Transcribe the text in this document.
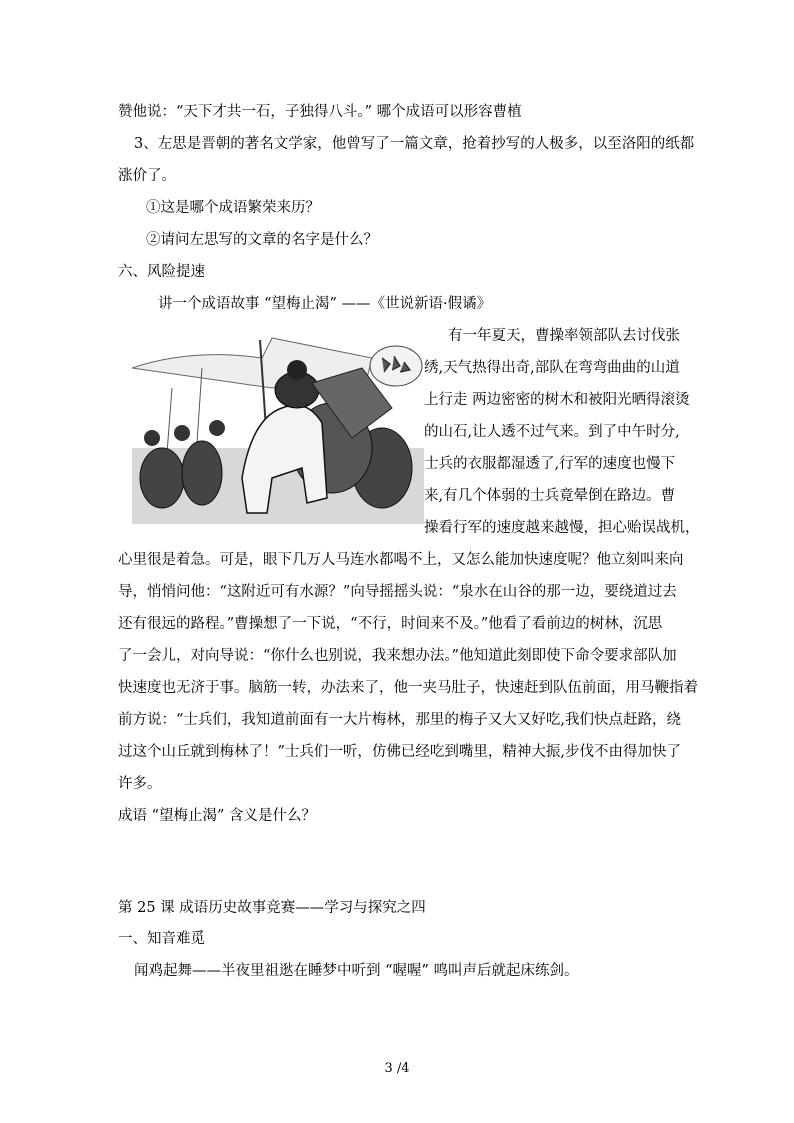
赞他说：“天下才共一石，子独得八斗。” 哪个成语可以形容曹植
3、左思是晋朝的著名文学家，他曾写了一篇文章，抢着抄写的人极多，以至洛阳的纸都
涨价了。
①这是哪个成语繁荣来历？
②请问左思写的文章的名字是什么？
六、风险提速
讲一个成语故事 “望梅止渴” ——《世说新语·假谲》
有一年夏天，曹操率领部队去讨伐张
绣,天气热得出奇,部队在弯弯曲曲的山道
上行走 两边密密的树木和被阳光晒得滚烫
的山石,让人透不过气来。到了中午时分,
士兵的衣服都湿透了,行军的速度也慢下
来,有几个体弱的士兵竟晕倒在路边。曹
操看行军的速度越来越慢，担心贻误战机，
心里很是着急。可是，眼下几万人马连水都喝不上，又怎么能加快速度呢？他立刻叫来向
导，悄悄问他：“这附近可有水源？”向导摇摇头说：“泉水在山谷的那一边，要绕道过去
还有很远的路程。”曹操想了一下说，“不行，时间来不及。”他看了看前边的树林，沉思
了一会儿，对向导说：“你什么也别说，我来想办法。”他知道此刻即使下命令要求部队加
快速度也无济于事。脑筋一转，办法来了，他一夹马肚子，快速赶到队伍前面，用马鞭指着
前方说：“士兵们，我知道前面有一大片梅林，那里的梅子又大又好吃,我们快点赶路，绕
过这个山丘就到梅林了！”士兵们一听，仿佛已经吃到嘴里，精神大振,步伐不由得加快了
许多。
成语 “望梅止渴” 含义是什么？
第 25 课 成语历史故事竞赛——学习与探究之四
一、知音难觅
闻鸡起舞——半夜里祖逖在睡梦中听到 “喔喔” 鸣叫声后就起床练剑。
3 /4
